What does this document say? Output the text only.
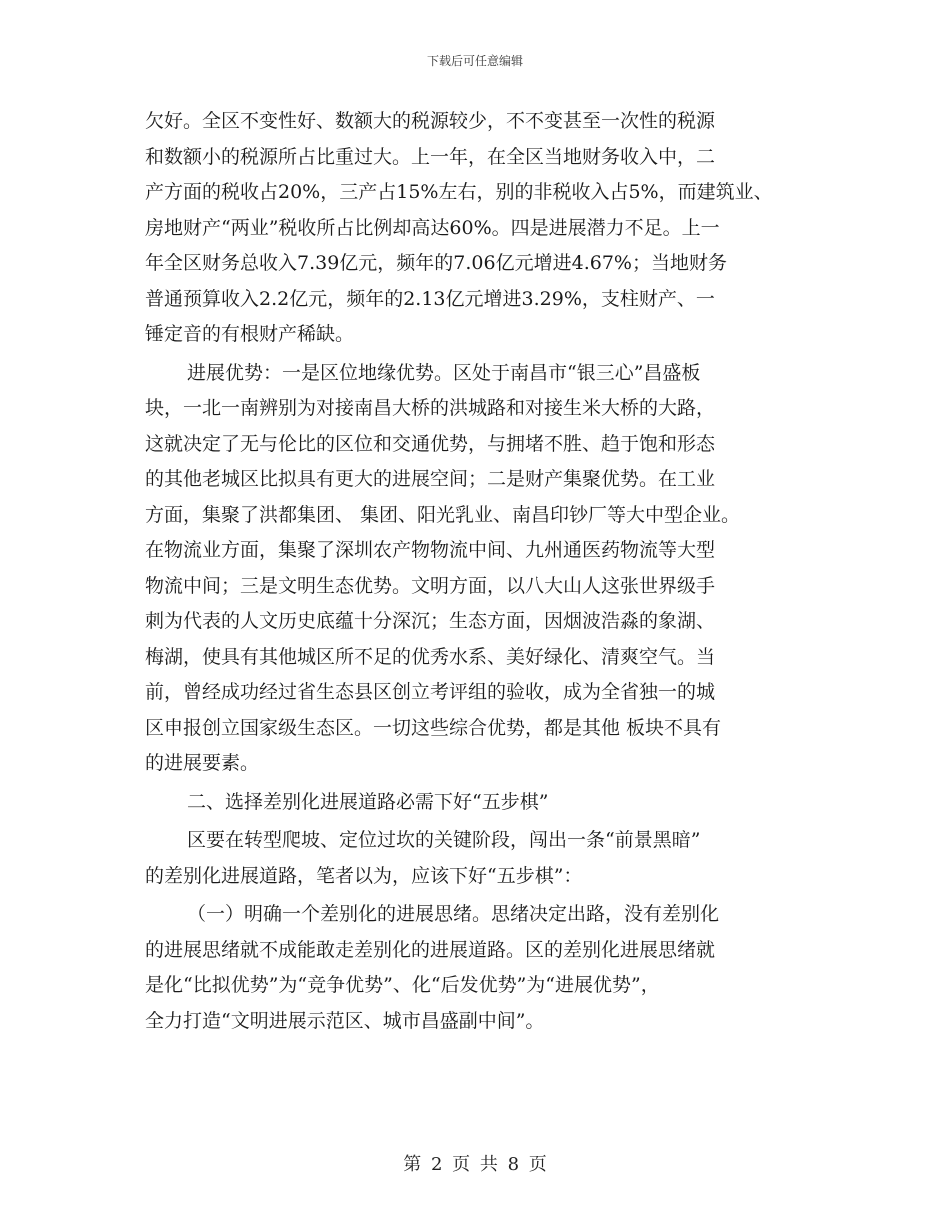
下载后可任意编辑
欠好。全区不变性好、数额大的税源较少，不不变甚至一次性的税源
和数额小的税源所占比重过大。上一年，在全区当地财务收入中，二
产方面的税收占20%，三产占15%左右，别的非税收入占5%，而建筑业、
房地财产“两业”税收所占比例却高达60%。四是进展潜力不足。上一
年全区财务总收入7.39亿元，频年的7.06亿元增进4.67%；当地财务
普通预算收入2.2亿元，频年的2.13亿元增进3.29%，支柱财产、一
锤定音的有根财产稀缺。
进展优势：一是区位地缘优势。区处于南昌市“银三心”昌盛板
块，一北一南辨别为对接南昌大桥的洪城路和对接生米大桥的大路，
这就决定了无与伦比的区位和交通优势，与拥堵不胜、趋于饱和形态
的其他老城区比拟具有更大的进展空间；二是财产集聚优势。在工业
方面，集聚了洪都集团、 集团、阳光乳业、南昌印钞厂等大中型企业。
在物流业方面，集聚了深圳农产物物流中间、九州通医药物流等大型
物流中间；三是文明生态优势。文明方面，以八大山人这张世界级手
刺为代表的人文历史底蕴十分深沉；生态方面，因烟波浩淼的象湖、
梅湖，使具有其他城区所不足的优秀水系、美好绿化、清爽空气。当
前，曾经成功经过省生态县区创立考评组的验收，成为全省独一的城
区申报创立国家级生态区。一切这些综合优势，都是其他 板块不具有
的进展要素。
二、选择差别化进展道路必需下好“五步棋”
区要在转型爬坡、定位过坎的关键阶段，闯出一条“前景黑暗”
的差别化进展道路，笔者以为，应该下好“五步棋”：
（一）明确一个差别化的进展思绪。思绪决定出路，没有差别化
的进展思绪就不成能敢走差别化的进展道路。区的差别化进展思绪就
是化“比拟优势”为“竞争优势”、化“后发优势”为“进展优势”，
全力打造“文明进展示范区、城市昌盛副中间”。
第 2 页 共 8 页
